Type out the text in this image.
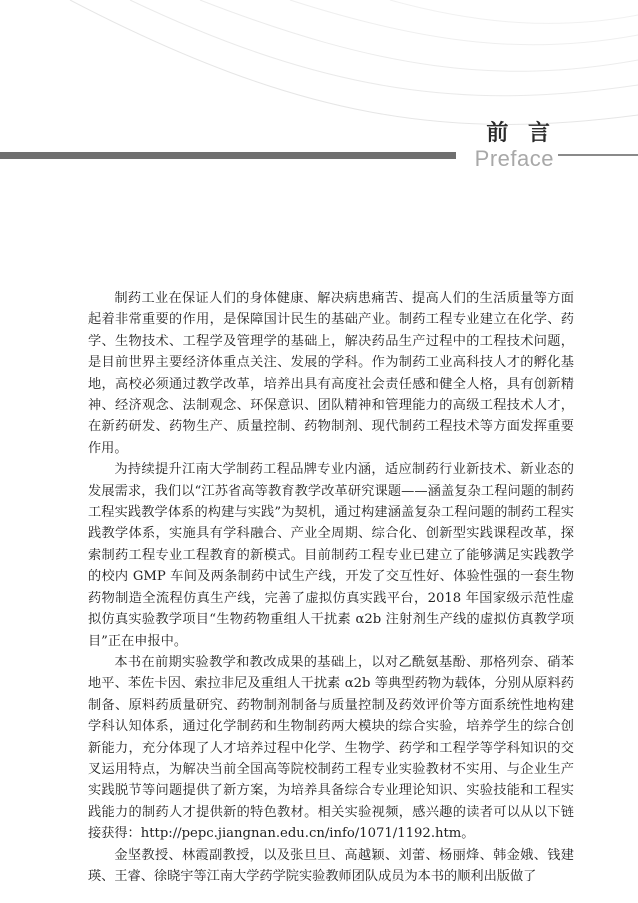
前 言
Preface

制药工业在保证人们的身体健康、解决病患痛苦、提高人们的生活质量等方面起着非常重要的作用，是保障国计民生的基础产业。制药工程专业建立在化学、药学、生物技术、工程学及管理学的基础上，解决药品生产过程中的工程技术问题，是目前世界主要经济体重点关注、发展的学科。作为制药工业高科技人才的孵化基地，高校必须通过教学改革，培养出具有高度社会责任感和健全人格，具有创新精神、经济观念、法制观念、环保意识、团队精神和管理能力的高级工程技术人才，在新药研发、药物生产、质量控制、药物制剂、现代制药工程技术等方面发挥重要作用。

为持续提升江南大学制药工程品牌专业内涵，适应制药行业新技术、新业态的发展需求，我们以“江苏省高等教育教学改革研究课题——涵盖复杂工程问题的制药工程实践教学体系的构建与实践”为契机，通过构建涵盖复杂工程问题的制药工程实践教学体系，实施具有学科融合、产业全周期、综合化、创新型实践课程改革，探索制药工程专业工程教育的新模式。目前制药工程专业已建立了能够满足实践教学的校内 GMP 车间及两条制药中试生产线，开发了交互性好、体验性强的一套生物药物制造全流程仿真生产线，完善了虚拟仿真实践平台，2018 年国家级示范性虚拟仿真实验教学项目“生物药物重组人干扰素 α2b 注射剂生产线的虚拟仿真教学项目”正在申报中。

本书在前期实验教学和教改成果的基础上，以对乙酰氨基酚、那格列奈、硝苯地平、苯佐卡因、索拉非尼及重组人干扰素 α2b 等典型药物为载体，分别从原料药制备、原料药质量研究、药物制剂制备与质量控制及药效评价等方面系统性地构建学科认知体系，通过化学制药和生物制药两大模块的综合实验，培养学生的综合创新能力，充分体现了人才培养过程中化学、生物学、药学和工程学等学科知识的交叉运用特点，为解决当前全国高等院校制药工程专业实验教材不实用、与企业生产实践脱节等问题提供了新方案，为培养具备综合专业理论知识、实验技能和工程实践能力的制药人才提供新的特色教材。相关实验视频，感兴趣的读者可以从以下链接获得：http://pepc.jiangnan.edu.cn/info/1071/1192.htm。

金坚教授、林霞副教授，以及张旦旦、高越颖、刘蕾、杨丽烽、韩金娥、钱建瑛、王睿、徐晓宇等江南大学药学院实验教师团队成员为本书的顺利出版做了
